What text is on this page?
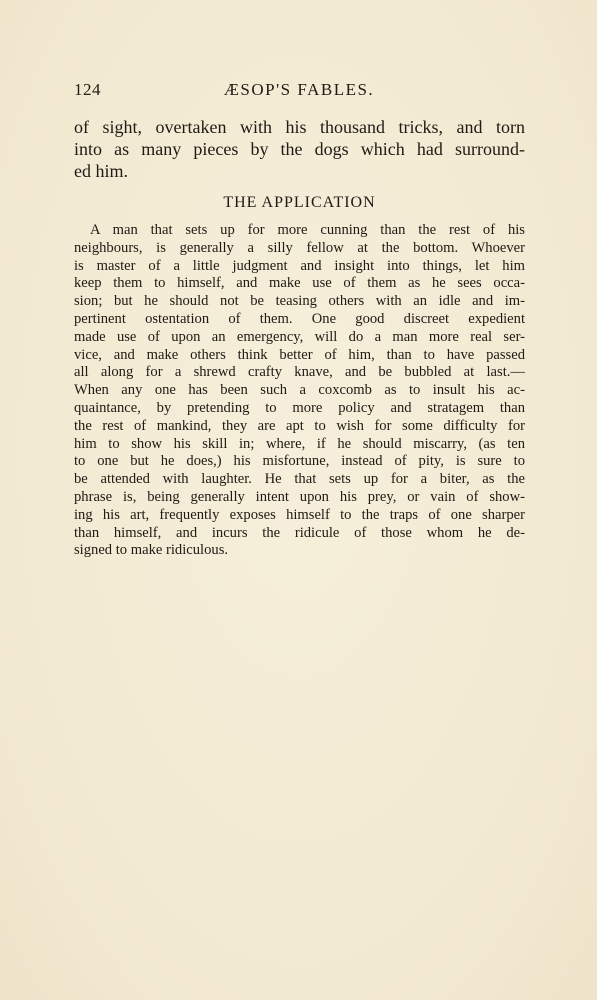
124	ÆSOP'S FABLES.
of sight, overtaken with his thousand tricks, and torn
into as many pieces by the dogs which had surround-
ed him.
THE APPLICATION
A man that sets up for more cunning than the rest of his
neighbours, is generally a silly fellow at the bottom. Whoever
is master of a little judgment and insight into things, let him
keep them to himself, and make use of them as he sees occa-
sion; but he should not be teasing others with an idle and im-
pertinent ostentation of them. One good discreet expedient
made use of upon an emergency, will do a man more real ser-
vice, and make others think better of him, than to have passed
all along for a shrewd crafty knave, and be bubbled at last.—
When any one has been such a coxcomb as to insult his ac-
quaintance, by pretending to more policy and stratagem than
the rest of mankind, they are apt to wish for some difficulty for
him to show his skill in; where, if he should miscarry, (as ten
to one but he does,) his misfortune, instead of pity, is sure to
be attended with laughter. He that sets up for a biter, as the
phrase is, being generally intent upon his prey, or vain of show-
ing his art, frequently exposes himself to the traps of one sharper
than himself, and incurs the ridicule of those whom he de-
signed to make ridiculous.
